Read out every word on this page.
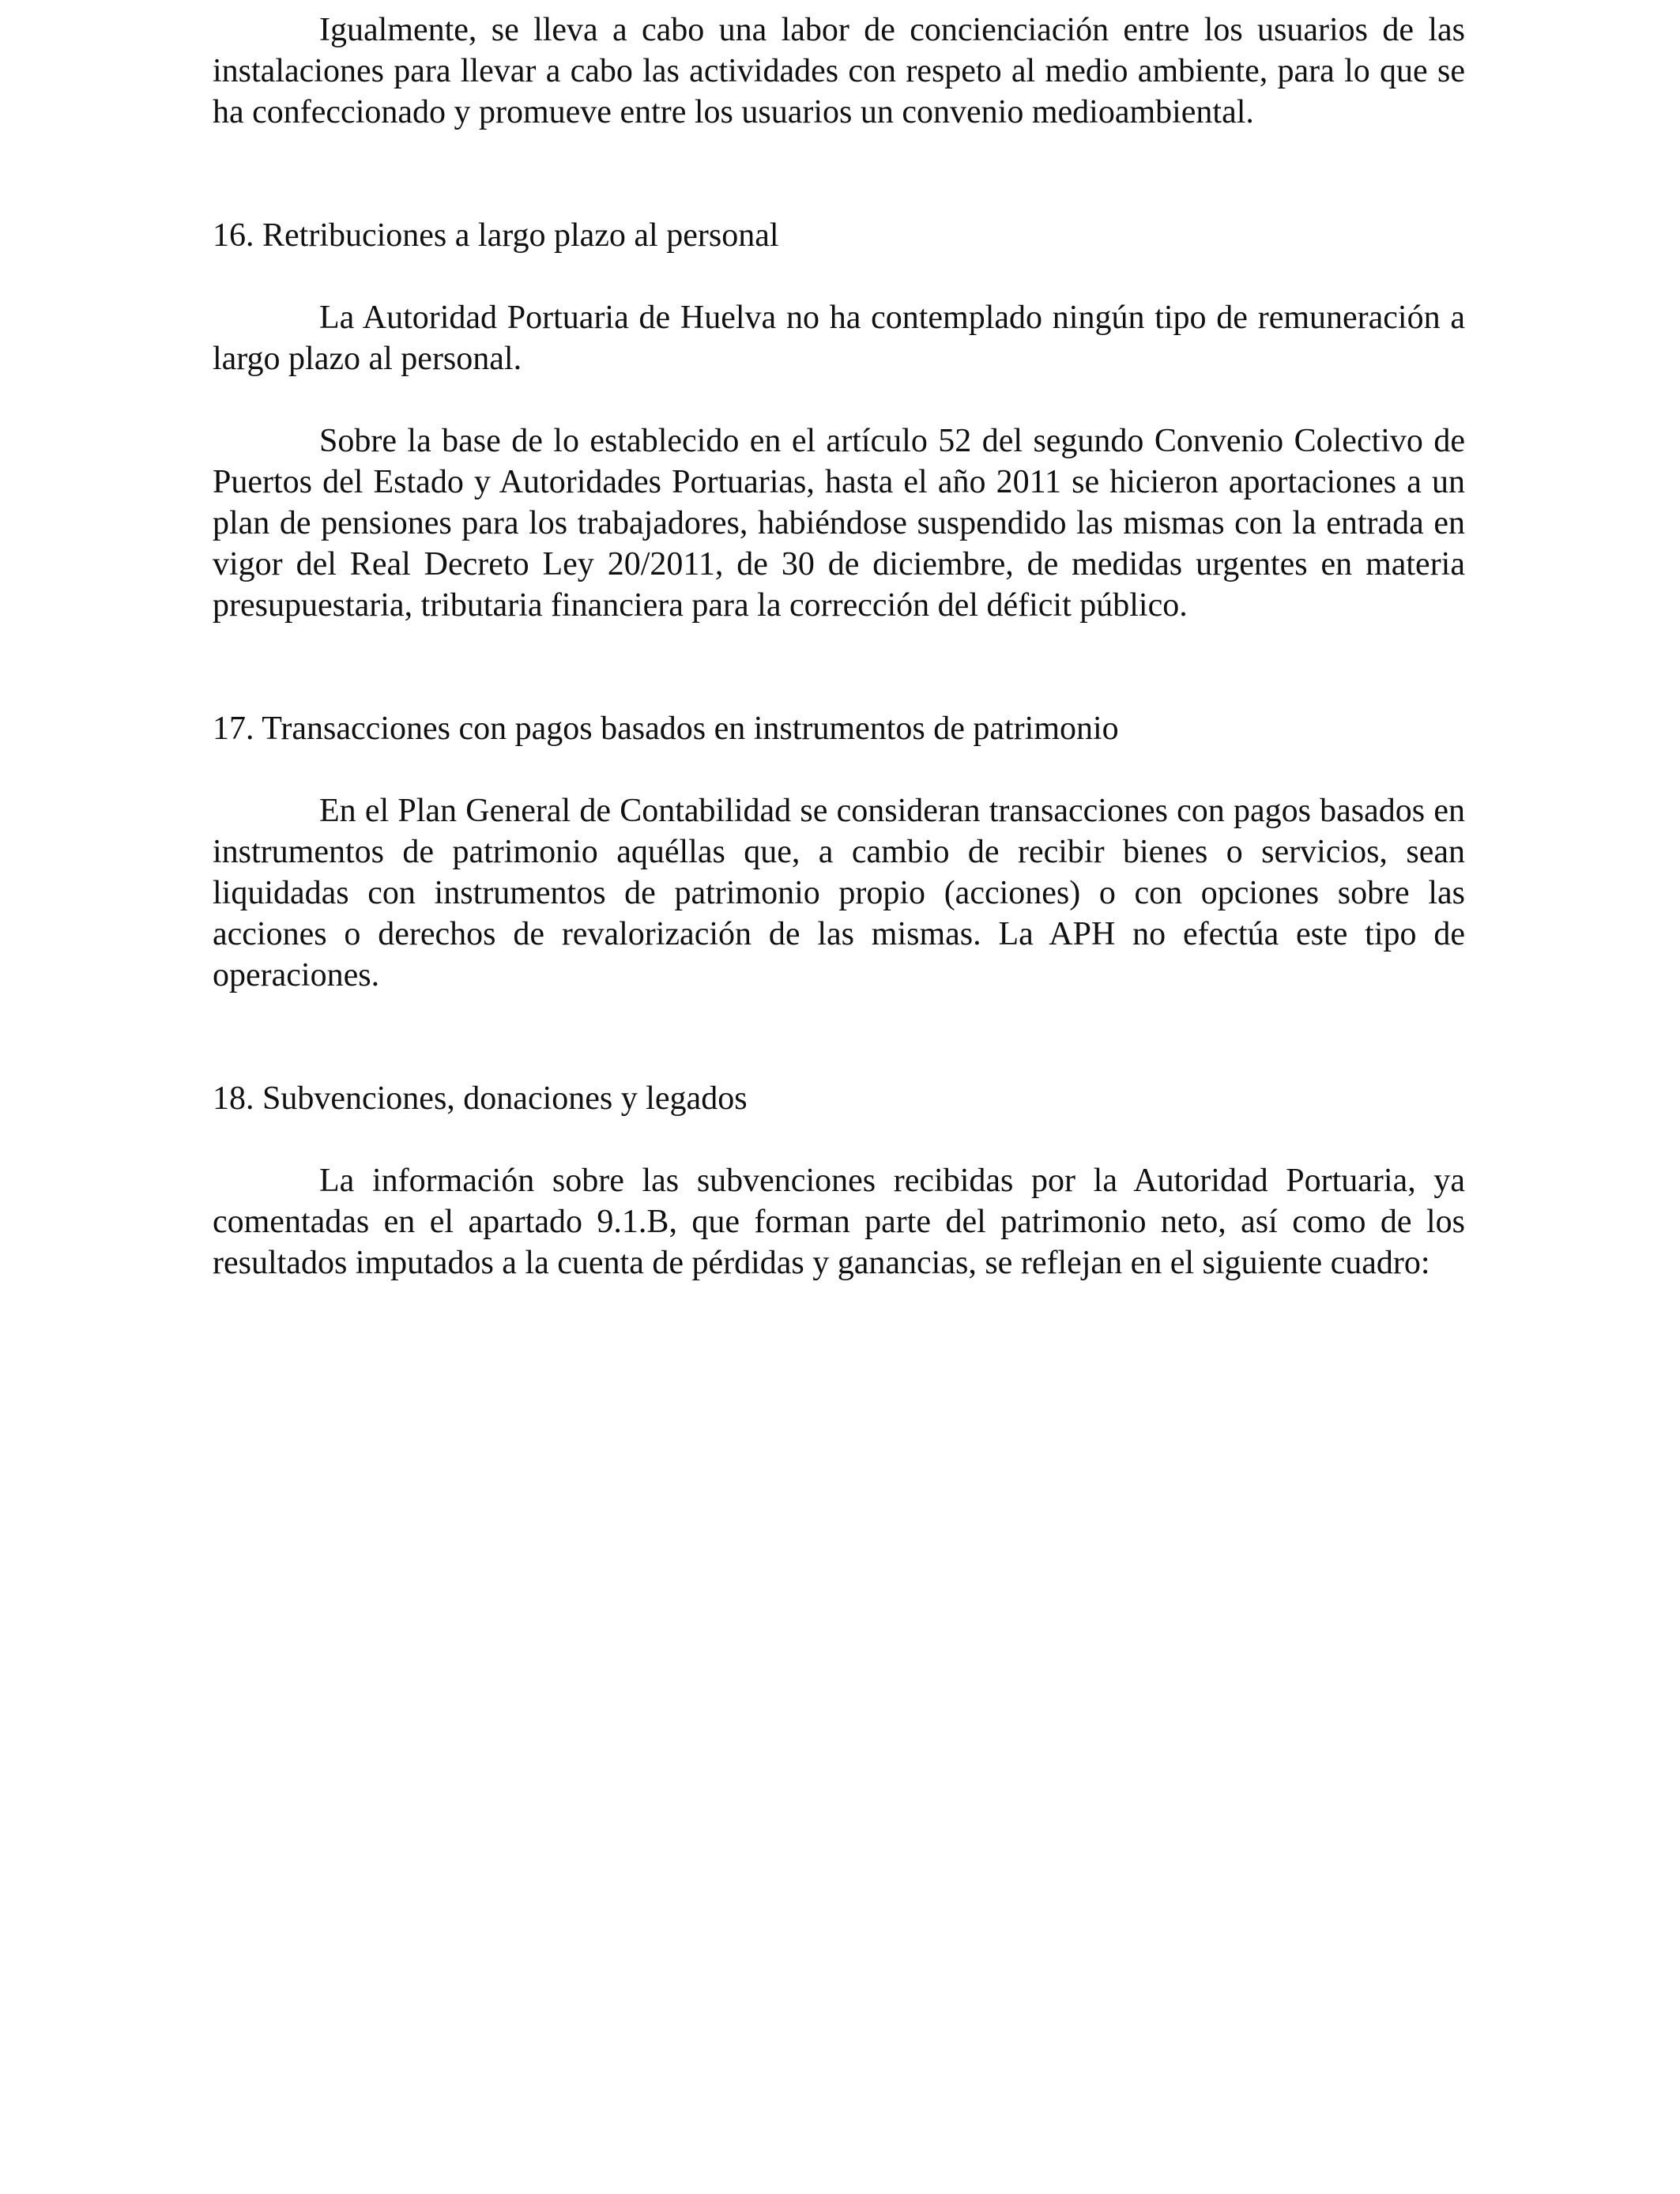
Igualmente, se lleva a cabo una labor de concienciación entre los usuarios de las instalaciones para llevar a cabo las actividades con respeto al medio ambiente, para lo que se ha confeccionado y promueve entre los usuarios un convenio medioambiental.

16. Retribuciones a largo plazo al personal

La Autoridad Portuaria de Huelva no ha contemplado ningún tipo de remuneración a largo plazo al personal.

Sobre la base de lo establecido en el artículo 52 del segundo Convenio Colectivo de Puertos del Estado y Autoridades Portuarias, hasta el año 2011 se hicieron aportaciones a un plan de pensiones para los trabajadores, habiéndose suspendido las mismas con la entrada en vigor del Real Decreto Ley 20/2011, de 30 de diciembre, de medidas urgentes en materia presupuestaria, tributaria financiera para la corrección del déficit público.

17. Transacciones con pagos basados en instrumentos de patrimonio

En el Plan General de Contabilidad se consideran transacciones con pagos basados en instrumentos de patrimonio aquéllas que, a cambio de recibir bienes o servicios, sean liquidadas con instrumentos de patrimonio propio (acciones) o con opciones sobre las acciones o derechos de revalorización de las mismas. La APH no efectúa este tipo de operaciones.

18. Subvenciones, donaciones y legados

La información sobre las subvenciones recibidas por la Autoridad Portuaria, ya comentadas en el apartado 9.1.B, que forman parte del patrimonio neto, así como de los resultados imputados a la cuenta de pérdidas y ganancias, se reflejan en el siguiente cuadro:
